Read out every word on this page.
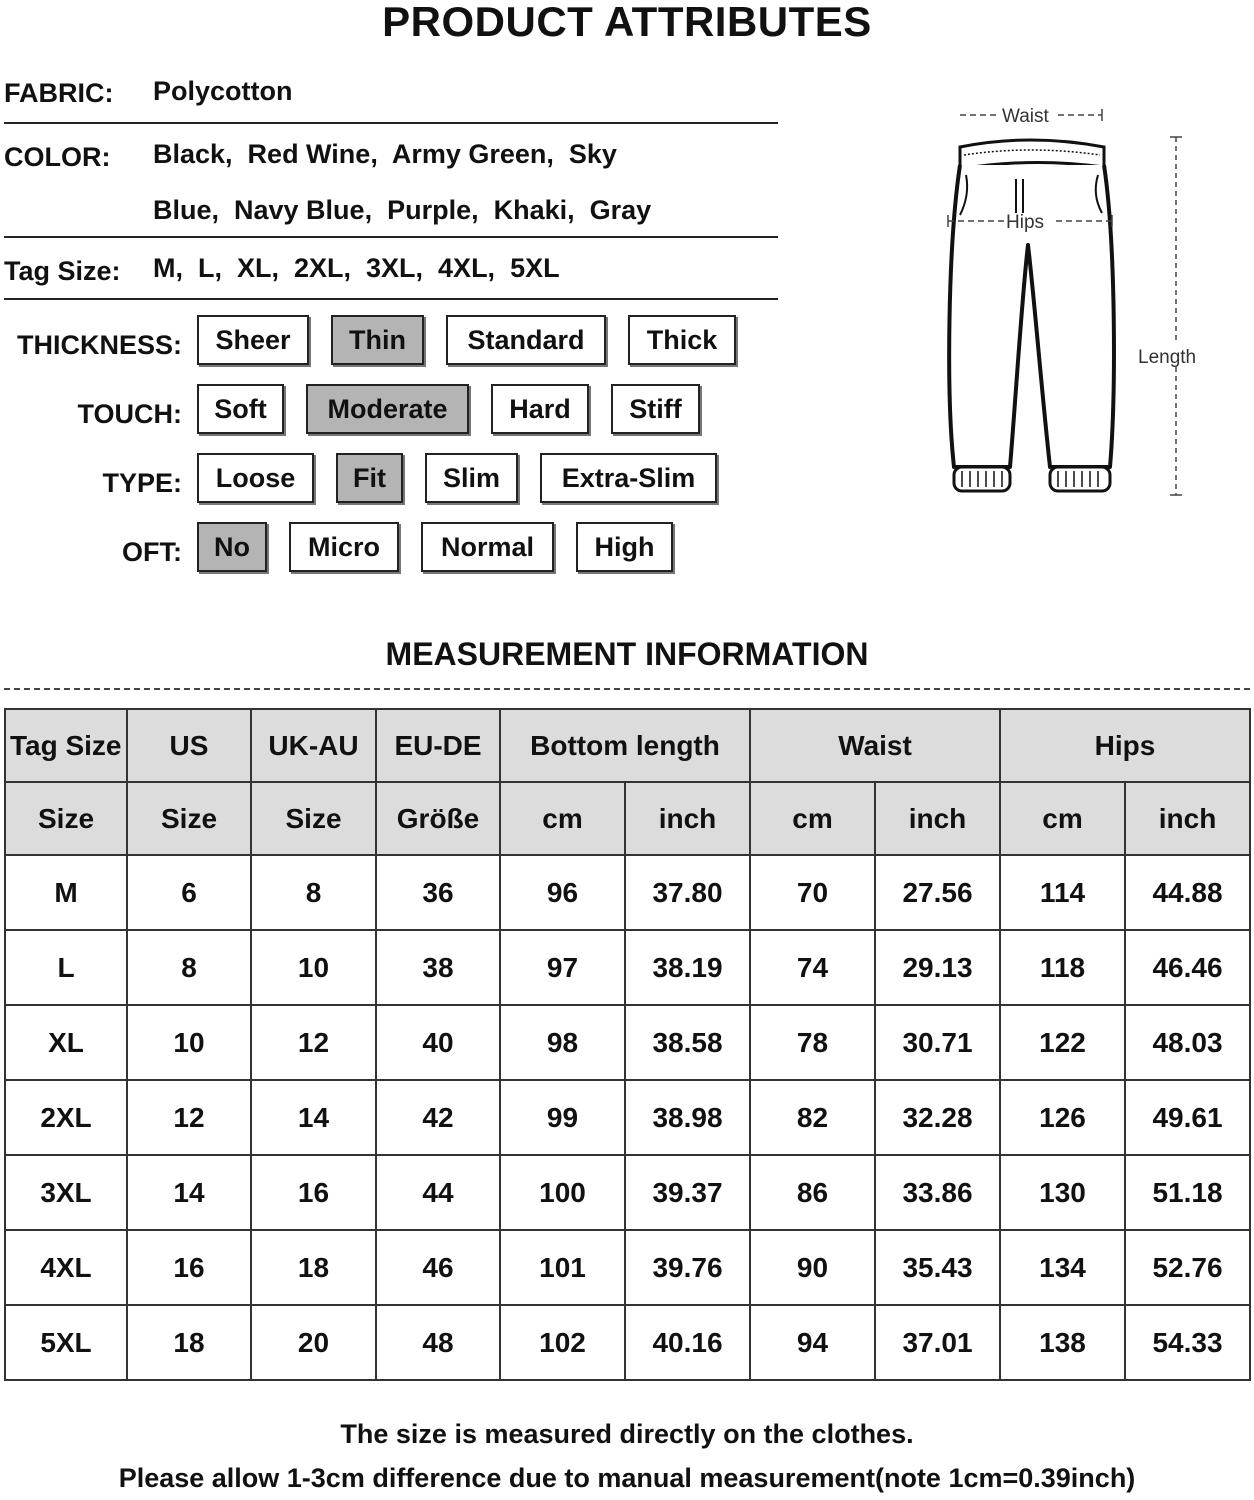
PRODUCT ATTRIBUTES
FABRIC: Polycotton
COLOR: Black,  Red Wine,  Army Green,  Sky
Blue,  Navy Blue,  Purple,  Khaki,  Gray
Tag Size: M,  L,  XL,  2XL,  3XL,  4XL,  5XL
THICKNESS:	Sheer	Thin	Standard	Thick
TOUCH:	Soft	Moderate	Hard	Stiff
TYPE:	Loose	Fit	Slim	Extra-Slim
OFT:	No	Micro	Normal	High
Waist
Hips
Length
MEASUREMENT INFORMATION
Tag Size	US	UK-AU	EU-DE	Bottom length		Waist		Hips	
Size	Size	Size	Größe	cm	inch	cm	inch	cm	inch
M	6	8	36	96	37.80	70	27.56	114	44.88
L	8	10	38	97	38.19	74	29.13	118	46.46
XL	10	12	40	98	38.58	78	30.71	122	48.03
2XL	12	14	42	99	38.98	82	32.28	126	49.61
3XL	14	16	44	100	39.37	86	33.86	130	51.18
4XL	16	18	46	101	39.76	90	35.43	134	52.76
5XL	18	20	48	102	40.16	94	37.01	138	54.33
The size is measured directly on the clothes.
Please allow 1-3cm difference due to manual measurement(note 1cm=0.39inch)
